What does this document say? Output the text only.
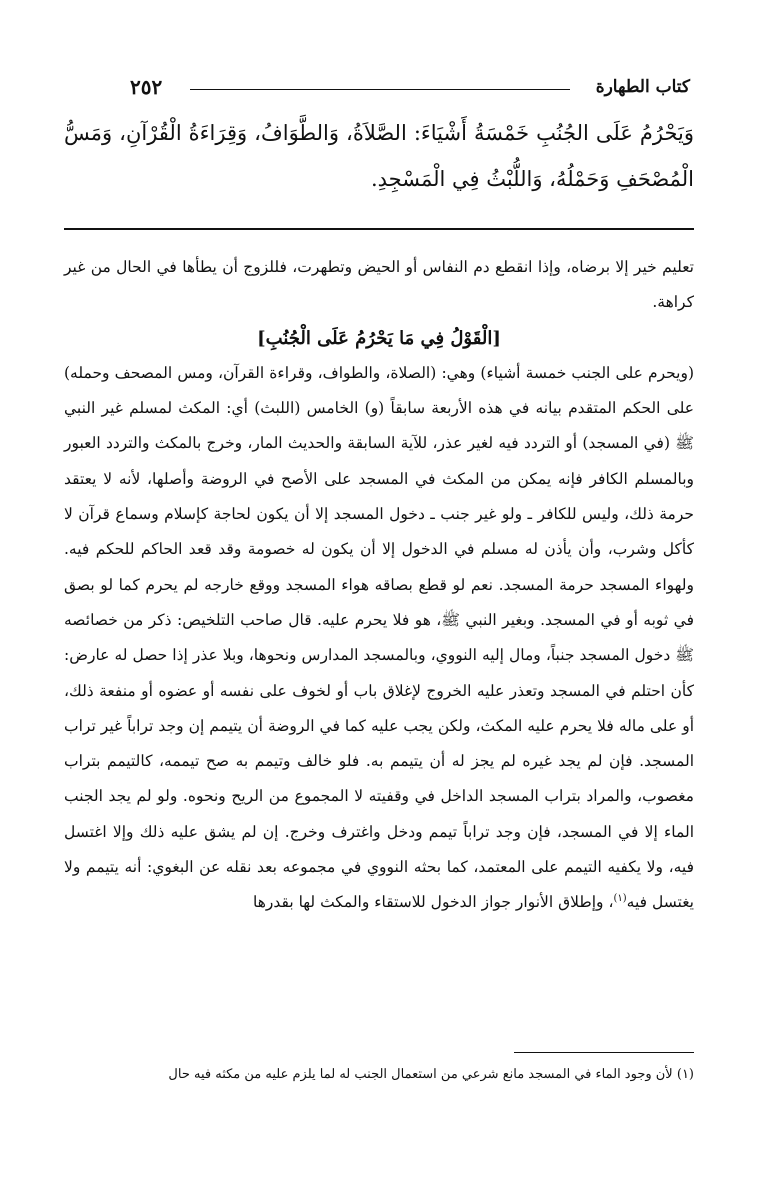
كتاب الطهارة
٢٥٢
وَيَحْرُمُ عَلَى الجُنُبِ خَمْسَةُ أَشْيَاءَ: الصَّلاَةُ، وَالطَّوَافُ، وَقِرَاءَةُ الْقُرْآنِ، وَمَسُّ الْمُصْحَفِ وَحَمْلُهُ، وَاللُّبْثُ فِي الْمَسْجِدِ.

تعليم خير إلا برضاه، وإذا انقطع دم النفاس أو الحيض وتطهرت، فللزوج أن يطأها في الحال من غير كراهة.

[الْقَوْلُ فِي مَا يَحْرُمُ عَلَى الْجُنُبِ]

(ويحرم على الجنب خمسة أشياء) وهي: (الصلاة، والطواف، وقراءة القرآن، ومس المصحف وحمله) على الحكم المتقدم بيانه في هذه الأربعة سابقاً (و) الخامس (اللبث) أي: المكث لمسلم غير النبي ﷺ (في المسجد) أو التردد فيه لغير عذر، للآية السابقة والحديث المار، وخرج بالمكث والتردد العبور وبالمسلم الكافر فإنه يمكن من المكث في المسجد على الأصح في الروضة وأصلها، لأنه لا يعتقد حرمة ذلك، وليس للكافر ـ ولو غير جنب ـ دخول المسجد إلا أن يكون لحاجة كإسلام وسماع قرآن لا كأكل وشرب، وأن يأذن له مسلم في الدخول إلا أن يكون له خصومة وقد قعد الحاكم للحكم فيه. ولهواء المسجد حرمة المسجد. نعم لو قطع بصاقه هواء المسجد ووقع خارجه لم يحرم كما لو بصق في ثوبه أو في المسجد. وبغير النبي ﷺ، هو فلا يحرم عليه. قال صاحب التلخيص: ذكر من خصائصه ﷺ دخول المسجد جنباً، ومال إليه النووي، وبالمسجد المدارس ونحوها، وبلا عذر إذا حصل له عارض: كأن احتلم في المسجد وتعذر عليه الخروج لإغلاق باب أو لخوف على نفسه أو عضوه أو منفعة ذلك، أو على ماله فلا يحرم عليه المكث، ولكن يجب عليه كما في الروضة أن يتيمم إن وجد تراباً غير تراب المسجد. فإن لم يجد غيره لم يجز له أن يتيمم به. فلو خالف وتيمم به صح تيممه، كالتيمم بتراب مغصوب، والمراد بتراب المسجد الداخل في وقفيته لا المجموع من الريح ونحوه. ولو لم يجد الجنب الماء إلا في المسجد، فإن وجد تراباً تيمم ودخل واغترف وخرج. إن لم يشق عليه ذلك وإلا اغتسل فيه، ولا يكفيه التيمم على المعتمد، كما بحثه النووي في مجموعه بعد نقله عن البغوي: أنه يتيمم ولا يغتسل فيه$^{(١)}$، وإطلاق الأنوار جواز الدخول للاستقاء والمكث لها بقدرها

(١) لأن وجود الماء في المسجد مانع شرعي من استعمال الجنب له لما يلزم عليه من مكثه فيه حال
